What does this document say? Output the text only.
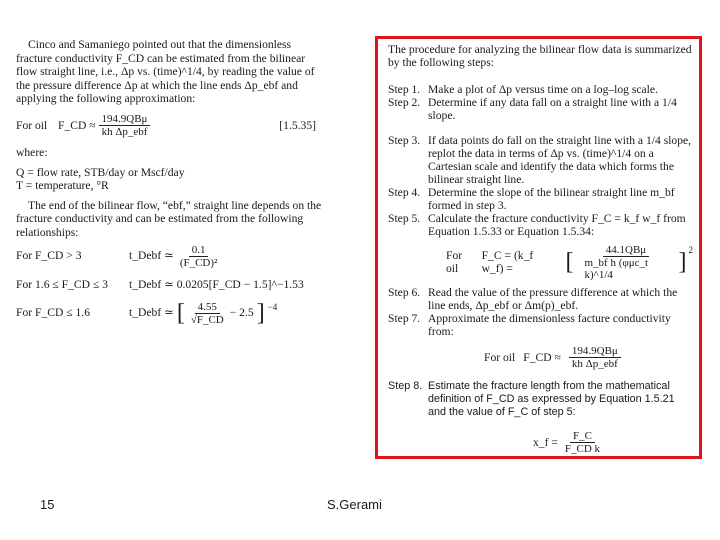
Cinco and Samaniego pointed out that the dimensionless fracture conductivity F_CD can be estimated from the bilinear flow straight line, i.e., Δp vs. (time)^1/4, by reading the value of the pressure difference Δp at which the line ends Δp_ebf and applying the following approximation:

For oil F_CD ≈
$\frac{\text{194.9QBμ}}{\text{kh Δp\_ebf}}$	[1.5.35]

where:

Q = flow rate, STB/day or Mscf/day

T = temperature, °R

The end of the bilinear flow, “ebf,” straight line depends on the fracture conductivity and can be estimated from the following relationships:

For F_CD > 3	t_Debf ≃ $\frac{0.1}{\text{(F\_CD)²}}$
For 1.6 ≤ F_CD ≤ 3	t_Debf ≃ 0.0205[F_CD − 1.5]^−1.53
For F_CD ≤ 1.6	t_Debf ≃ [ $\frac{4.55}{√F\_CD} - 2.5$ ] $^{-4}$

The procedure for analyzing the bilinear flow data is summarized by the following steps:

Step 1. Make a plot of Δp versus time on a log–log scale.
Step 2. Determine if any data fall on a straight line with a 1/4 slope.
Step 3. If data points do fall on the straight line with a 1/4 slope, replot the data in terms of Δp vs. (time)^1/4 on a Cartesian scale and identify the data which forms the bilinear straight line.
Step 4. Determine the slope of the bilinear straight line m_bf formed in step 3.
Step 5. Calculate the fracture conductivity F_C = k_f w_f from Equation 1.5.33 or Equation 1.5.34:
For oil
F_C = (k_f w_f) =	[ $\frac{\text{44.1QBμ}}{\text{m\_bf h (φμc\_t k)\textasciicircum{}1/4}} ]^2$
Step 6. Read the value of the pressure difference at which the line ends, Δp_ebf or Δm(p)_ebf.
Step 7. Approximate the dimensionless facture conductivity from:
For oil F_CD ≈ $\frac{\text{194.9QBμ}}{\text{kh Δp\_ebf}}$
Step 8. Estimate the fracture length from the mathematical definition of F_CD as expressed by Equation 1.5.21 and the value of F_C of step 5:
x_f = $\frac{F\_C}{\text{F\_CD k}}$
15	S.Gerami
